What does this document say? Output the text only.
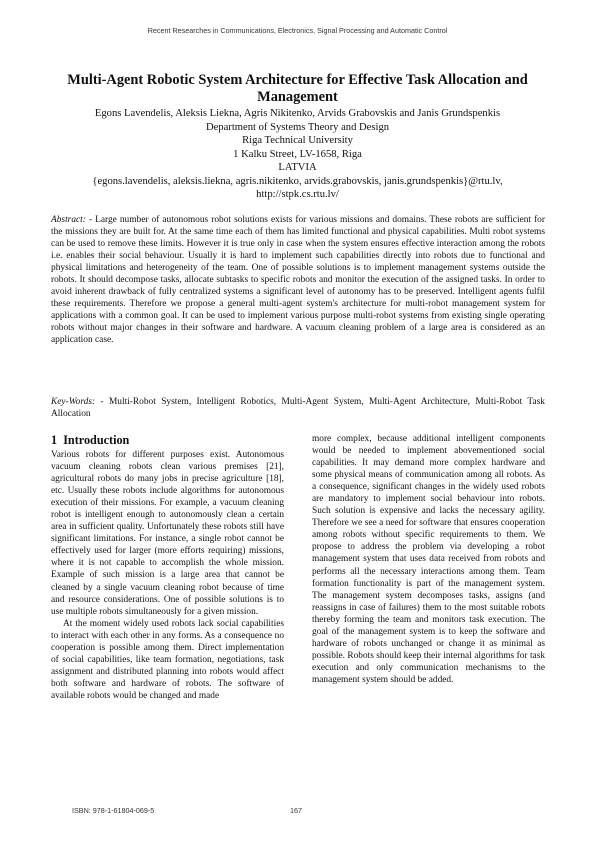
Recent Researches in Communications, Electronics, Signal Processing and Automatic Control
Multi-Agent Robotic System Architecture for Effective Task Allocation and Management
Egons Lavendelis, Aleksis Liekna, Agris Nikitenko, Arvids Grabovskis and Janis Grundspenkis
Department of Systems Theory and Design
Riga Technical University
1 Kalku Street, LV-1658, Riga
LATVIA
{egons.lavendelis, aleksis.liekna, agris.nikitenko, arvids.grabovskis, janis.grundspenkis}@rtu.lv,
http://stpk.cs.rtu.lv/

Abstract: - Large number of autonomous robot solutions exists for various missions and domains. These robots are sufficient for the missions they are built for. At the same time each of them has limited functional and physical capabilities. Multi robot systems can be used to remove these limits. However it is true only in case when the system ensures effective interaction among the robots i.e. enables their social behaviour. Usually it is hard to implement such capabilities directly into robots due to functional and physical limitations and heterogeneity of the team. One of possible solutions is to implement management systems outside the robots. It should decompose tasks, allocate subtasks to specific robots and monitor the execution of the assigned tasks. In order to avoid inherent drawback of fully centralized systems a significant level of autonomy has to be preserved. Intelligent agents fulfil these requirements. Therefore we propose a general multi-agent system's architecture for multi-robot management system for applications with a common goal. It can be used to implement various purpose multi-robot systems from existing single operating robots without major changes in their software and hardware. A vacuum cleaning problem of a large area is considered as an application case.

Key-Words: - Multi-Robot System, Intelligent Robotics, Multi-Agent System, Multi-Agent Architecture, Multi-Robot Task Allocation

1 Introduction

Various robots for different purposes exist. Autonomous vacuum cleaning robots clean various premises [21], agricultural robots do many jobs in precise agriculture [18], etc. Usually these robots include algorithms for autonomous execution of their missions. For example, a vacuum cleaning robot is intelligent enough to autonomously clean a certain area in sufficient quality. Unfortunately these robots still have significant limitations. For instance, a single robot cannot be effectively used for larger (more efforts requiring) missions, where it is not capable to accomplish the whole mission. Example of such mission is a large area that cannot be cleaned by a single vacuum cleaning robot because of time and resource considerations. One of possible solutions is to use multiple robots simultaneously for a given mission.

At the moment widely used robots lack social capabilities to interact with each other in any forms. As a consequence no cooperation is possible among them. Direct implementation of social capabilities, like team formation, negotiations, task assignment and distributed planning into robots would affect both software and hardware of robots. The software of available robots would be changed and made

more complex, because additional intelligent components would be needed to implement abovementioned social capabilities. It may demand more complex hardware and some physical means of communication among all robots. As a consequence, significant changes in the widely used robots are mandatory to implement social behaviour into robots. Such solution is expensive and lacks the necessary agility. Therefore we see a need for software that ensures cooperation among robots without specific requirements to them. We propose to address the problem via developing a robot management system that uses data received from robots and performs all the necessary interactions among them. Team formation functionality is part of the management system. The management system decomposes tasks, assigns (and reassigns in case of failures) them to the most suitable robots thereby forming the team and monitors task execution. The goal of the management system is to keep the software and hardware of robots unchanged or change it as minimal as possible. Robots should keep their internal algorithms for task execution and only communication mechanisms to the management system should be added.

ISBN: 978-1-61804-069-5	167
